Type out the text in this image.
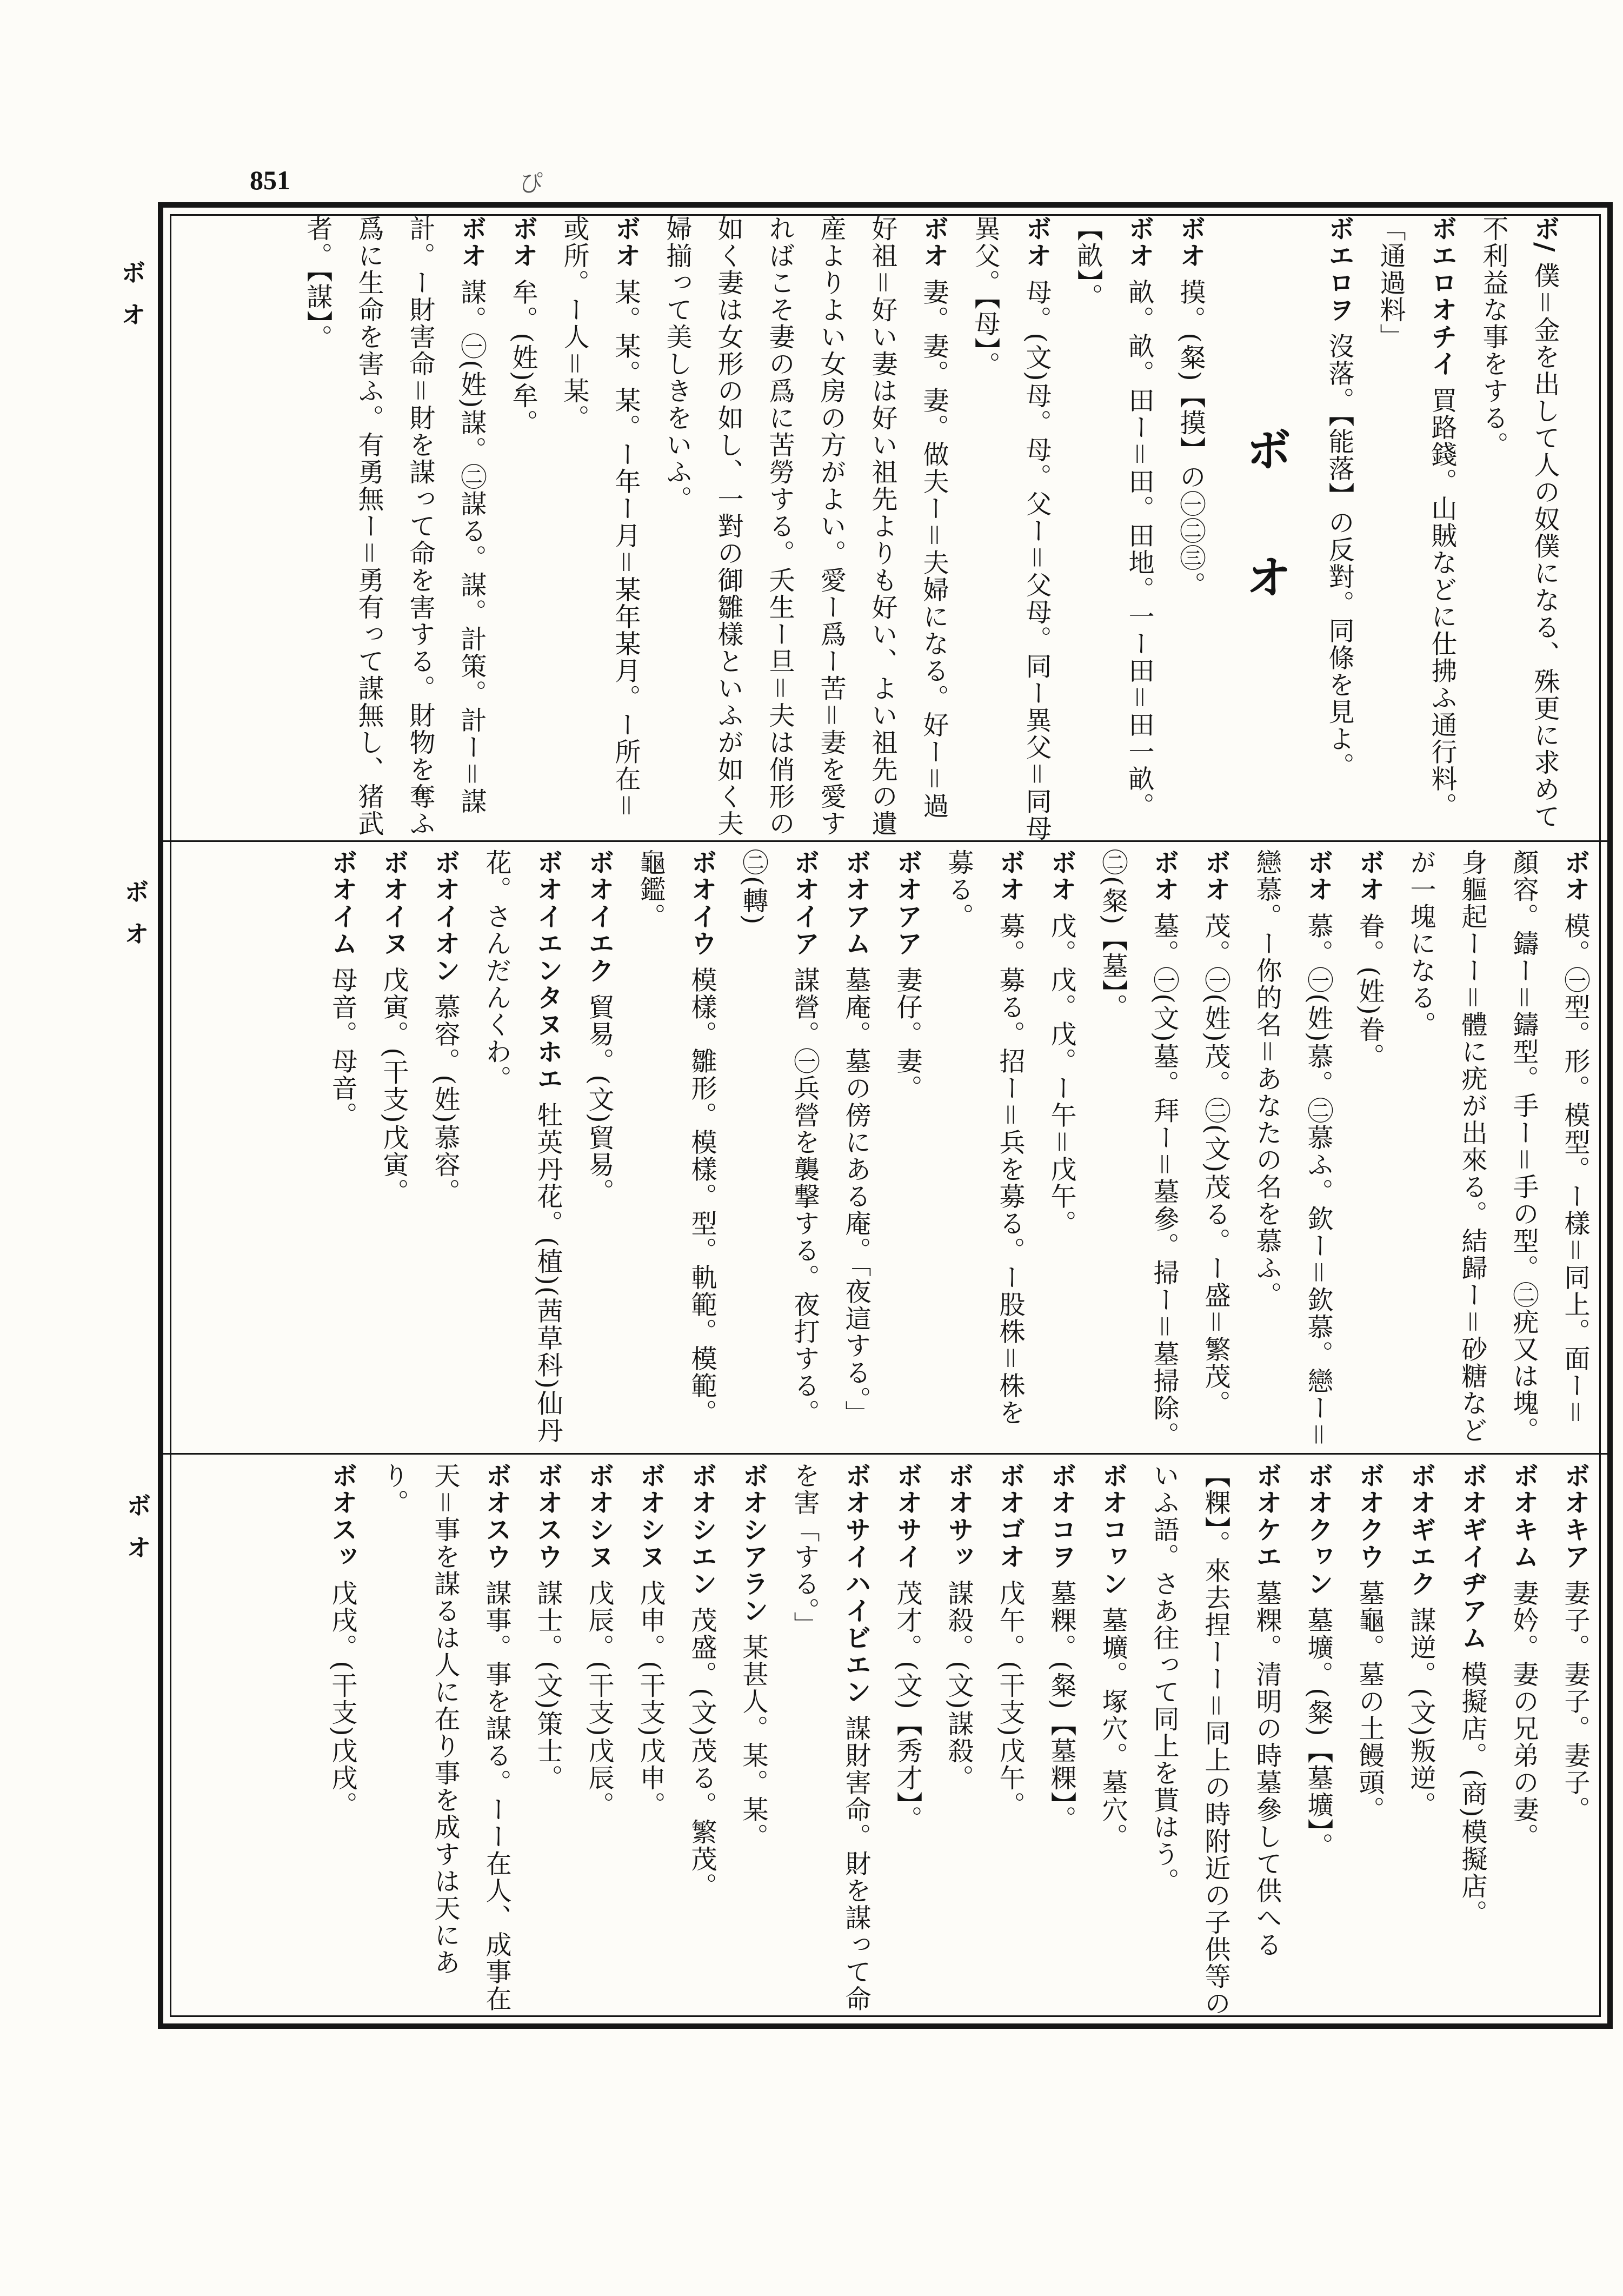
851	ぴ
ボ オ
ボ オ
ボ オ

ボ/ 僕＝金を出して人の奴僕になる、殊更に求めて不利益な事をする。

ボエロオチイ 買路錢。山賊などに仕拂ふ通行料。「通過料」

ボエロヲ 沒落。【能落】の反對。同條を見よ。

ボ オ

ボオ 摸。(粲)【摸】の㊀㊁㊂。

ボオ 畝。畝。田ー＝田。田地。一ー田＝田一畝。【畝】。

ボオ 母。(文)母。母。父ー＝父母。同ー異父＝同母異父。【母】。

ボオ 妻。妻。妻。做夫ー＝夫婦になる。好ー＝過好祖＝好い妻は好い祖先よりも好い、よい祖先の遺産よりよい女房の方がよい。愛ー爲ー苦＝妻を愛すればこそ妻の爲に苦勞する。夭生ー旦＝夫は俏形の如く妻は女形の如し、一對の御雛樣といふが如く夫婦揃って美しきをいふ。

ボオ 某。某。某。ー年ー月＝某年某月。ー所在＝或所。ー人＝某。

ボオ 牟。(姓)牟。

ボオ 謀。㊀(姓)謀。㊁謀る。謀。計策。計ー＝謀計。ー財害命＝財を謀って命を害する。財物を奪ふ爲に生命を害ふ。有勇無ー＝勇有って謀無し、猪武者。【謀】。

ボオ 模。㊀型。形。模型。ー樣＝同上。面ー＝顏容。鑄ー＝鑄型。手ー＝手の型。㊁疣又は塊。身軀起ーー＝體に疣が出來る。結歸ー＝砂糖などが一塊になる。

ボオ 眷。(姓)眷。

ボオ 慕。㊀(姓)慕。㊁慕ふ。欽ー＝欽慕。戀ー＝戀慕。ー你的名＝あなたの名を慕ふ。

ボオ 茂。㊀(姓)茂。㊁(文)茂る。ー盛＝繁茂。

ボオ 墓。㊀(文)墓。拜ー＝墓參。掃ー＝墓掃除。㊁(粲)【墓】。

ボオ 戊。戊。戊。ー午＝戊午。

ボオ 募。募る。招ー＝兵を募る。ー股株＝株を募る。

ボオアア 妻仔。妻。

ボオアム 墓庵。墓の傍にある庵。「夜這する。」

ボオイア 謀營。㊀兵營を襲撃する。夜打する。㊁(轉)

ボオイウ 模樣。雛形。模樣。型。軌範。模範。龜鑑。

ボオイエク 貿易。(文)貿易。

ボオイエンタヌホエ 牡英丹花。(植)(茜草科)仙丹花。さんだんくわ。

ボオイオン 慕容。(姓)慕容。

ボオイヌ 戊寅。(干支)戊寅。

ボオイム 母音。母音。

ボオキア 妻子。妻子。妻子。

ボオキム 妻妗。妻の兄弟の妻。

ボオギイヂアム 模擬店。(商)模擬店。

ボオギエク 謀逆。(文)叛逆。

ボオクウ 墓龜。墓の土饅頭。

ボオクヮン 墓壙。(粲)【墓壙】。

ボオケエ 墓粿。清明の時墓參して供へる【粿】。來去捏ーー＝同上の時附近の子供等のいふ語。さあ往って同上を貰はう。

ボオコヮン 墓壙。塚穴。墓穴。

ボオコヲ 墓粿。(粲)【墓粿】。

ボオゴオ 戊午。(干支)戊午。

ボオサッ 謀殺。(文)謀殺。

ボオサイ 茂才。(文)【秀才】。

ボオサイハイビエン 謀財害命。財を謀って命を害「する。」

ボオシアラン 某甚人。某。某。

ボオシエン 茂盛。(文)茂る。繁茂。

ボオシヌ 戊申。(干支)戊申。

ボオシヌ 戊辰。(干支)戊辰。

ボオスウ 謀士。(文)策士。

ボオスウ 謀事。事を謀る。ーー在人、成事在天＝事を謀るは人に在り事を成すは天にあり。

ボオスッ 戊戌。(干支)戊戌。
